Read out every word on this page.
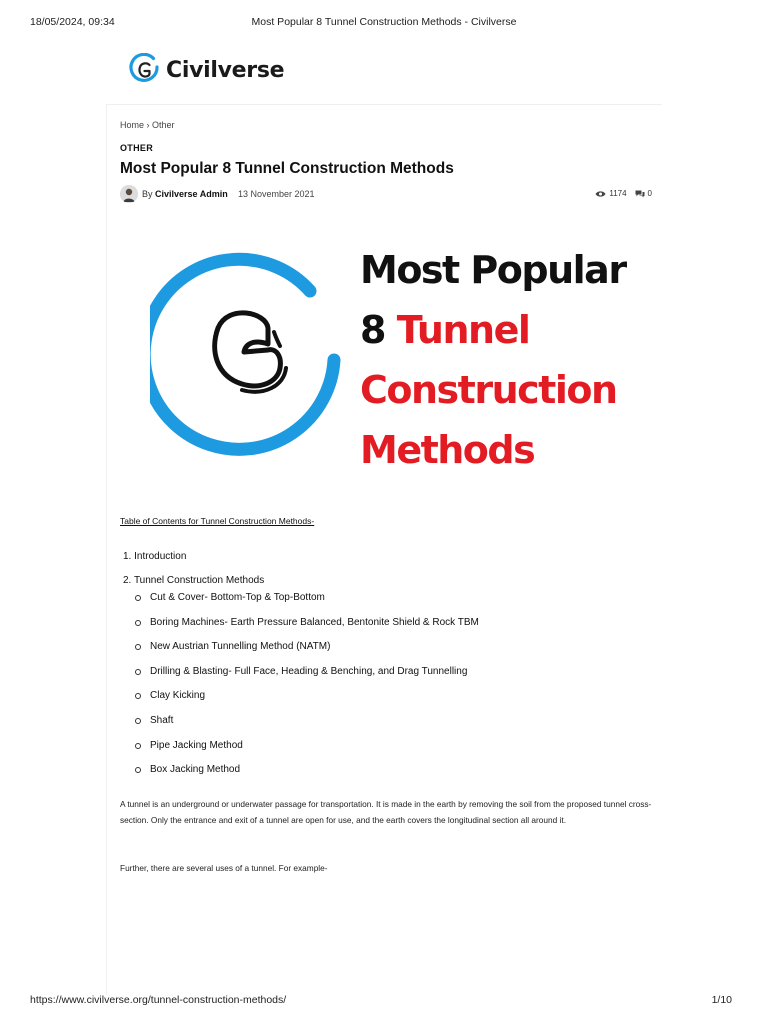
18/05/2024, 09:34	Most Popular 8 Tunnel Construction Methods - Civilverse
Civilverse
Home › Other
OTHER
Most Popular 8 Tunnel Construction Methods
By Civilverse Admin 13 November 2021	1174	0
Most Popular
8 Tunnel
Construction
Methods
Table of Contents for Tunnel Construction Methods-
1. Introduction
2. Tunnel Construction Methods
Cut & Cover- Bottom-Top & Top-Bottom
Boring Machines- Earth Pressure Balanced, Bentonite Shield & Rock TBM
New Austrian Tunnelling Method (NATM)
Drilling & Blasting- Full Face, Heading & Benching, and Drag Tunnelling
Clay Kicking
Shaft
Pipe Jacking Method
Box Jacking Method

A tunnel is an underground or underwater passage for transportation. It is made in the earth by removing the soil from the proposed tunnel cross-section. Only the entrance and exit of a tunnel are open for use, and the earth covers the longitudinal section all around it.

Further, there are several uses of a tunnel. For example-

https://www.civilverse.org/tunnel-construction-methods/	1/10
